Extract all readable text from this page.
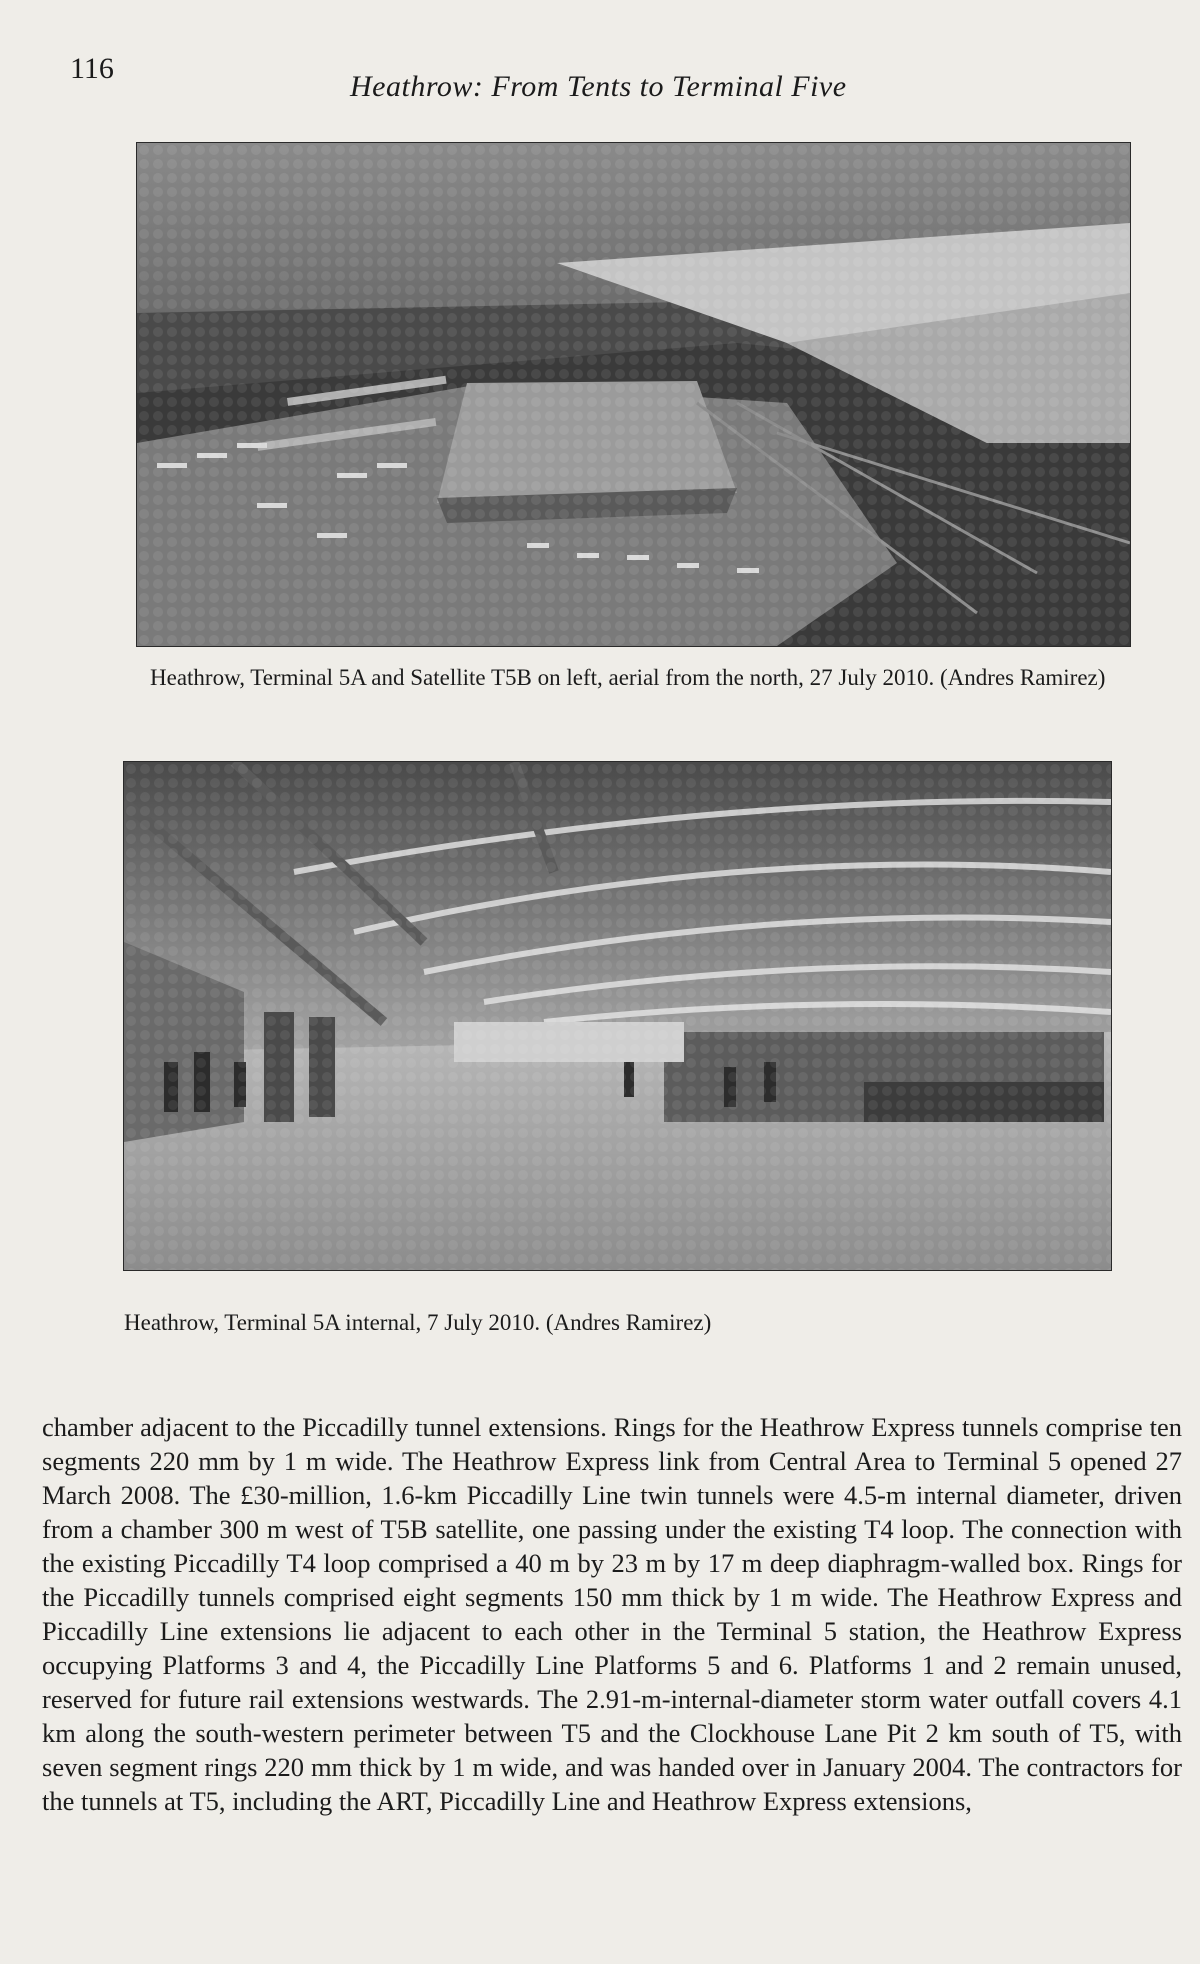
116
Heathrow: From Tents to Terminal Five
Heathrow, Terminal 5A and Satellite T5B on left, aerial from the north, 27 July 2010. (Andres Ramirez)
Heathrow, Terminal 5A internal, 7 July 2010. (Andres Ramirez)
chamber adjacent to the Piccadilly tunnel extensions. Rings for the Heathrow Express tunnels comprise ten segments 220 mm by 1 m wide. The Heathrow Express link from Central Area to Terminal 5 opened 27 March 2008. The £30-million, 1.6-km Piccadilly Line twin tunnels were 4.5-m internal diameter, driven from a chamber 300 m west of T5B satellite, one passing under the existing T4 loop. The connection with the existing Piccadilly T4 loop comprised a 40 m by 23 m by 17 m deep diaphragm-walled box. Rings for the Piccadilly tunnels comprised eight segments 150 mm thick by 1 m wide. The Heathrow Express and Piccadilly Line extensions lie adjacent to each other in the Terminal 5 station, the Heathrow Express occupying Platforms 3 and 4, the Piccadilly Line Platforms 5 and 6. Platforms 1 and 2 remain unused, reserved for future rail extensions westwards. The 2.91-m-internal-diameter storm water outfall covers 4.1 km along the south-western perimeter between T5 and the Clockhouse Lane Pit 2 km south of T5, with seven segment rings 220 mm thick by 1 m wide, and was handed over in January 2004. The contractors for the tunnels at T5, including the ART, Piccadilly Line and Heathrow Express extensions,
